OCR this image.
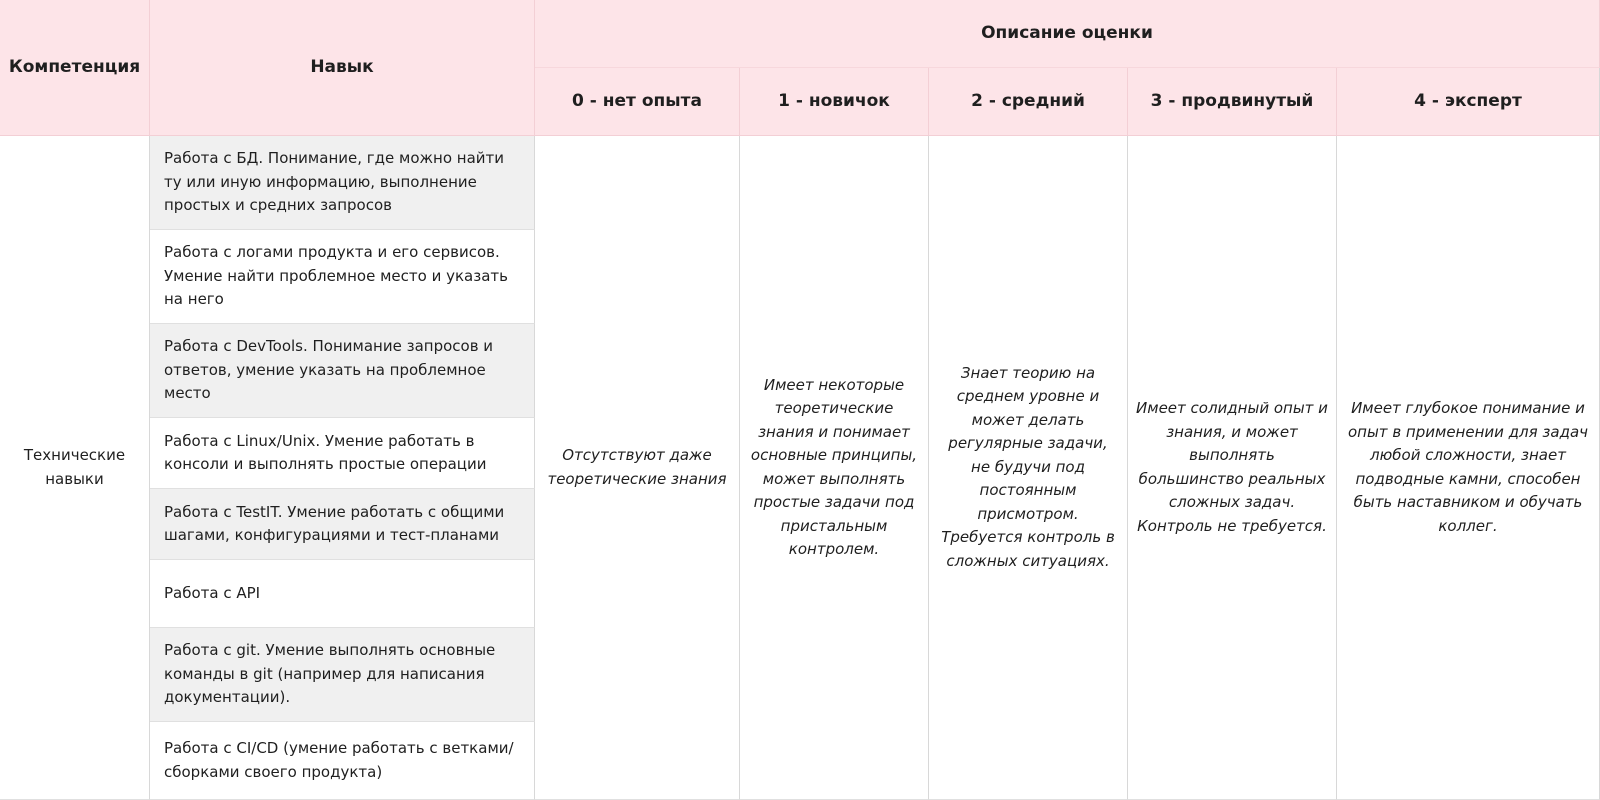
Компетенция	Навык
Описание оценки
0 - нет опыта	1 - новичок	2 - средний	3 - продвинутый	4 - эксперт
Технические навыки
Работа с БД. Понимание, где можно найти ту или иную информацию, выполнение простых и средних запросов
Работа с логами продукта и его сервисов. Умение найти проблемное место и указать на него
Работа с DevTools. Понимание запросов и ответов, умение указать на проблемное место
Работа с Linux/Unix. Умение работать в консоли и выполнять простые операции
Работа с TestIT. Умение работать с общими шагами, конфигурациями и тест-планами
Работа с API
Работа с git. Умение выполнять основные команды в git (например для написания документации).
Работа с CI/CD (умение работать с ветками/сборками своего продукта)
Отсутствуют даже теоретические знания
Имеет некоторые теоретические знания и понимает основные принципы, может выполнять простые задачи под пристальным контролем.
Знает теорию на среднем уровне и может делать регулярные задачи, не будучи под постоянным присмотром. Требуется контроль в сложных ситуациях.
Имеет солидный опыт и знания, и может выполнять большинство реальных сложных задач. Контроль не требуется.
Имеет глубокое понимание и опыт в применении для задач любой сложности, знает подводные камни, способен быть наставником и обучать коллег.
